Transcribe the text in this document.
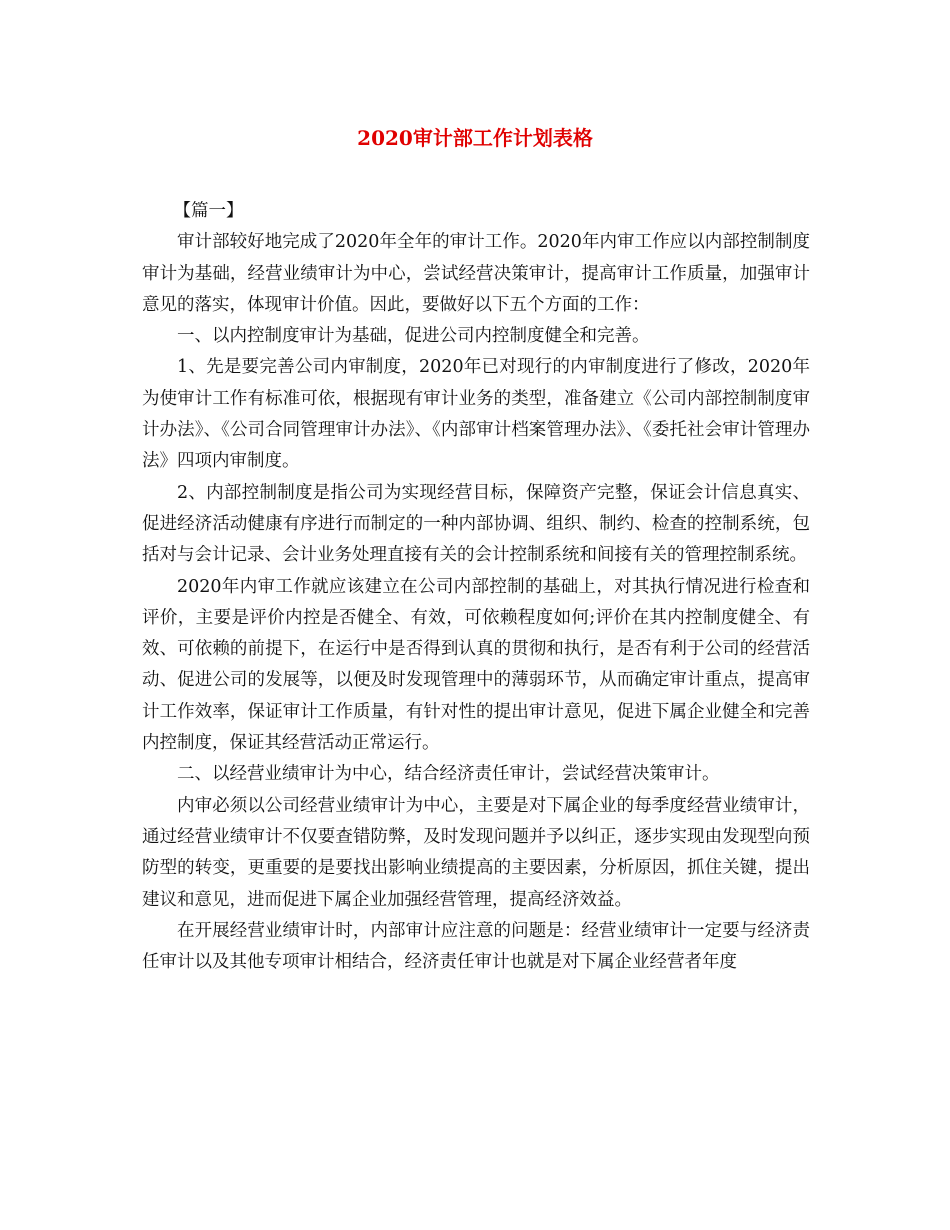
2020审计部工作计划表格

【篇一】

审计部较好地完成了2020年全年的审计工作。2020年内审工作应以内部控制制度审计为基础，经营业绩审计为中心，尝试经营决策审计，提高审计工作质量，加强审计意见的落实，体现审计价值。因此，要做好以下五个方面的工作：

一、以内控制度审计为基础，促进公司内控制度健全和完善。

1、先是要完善公司内审制度，2020年已对现行的内审制度进行了修改，2020年为使审计工作有标准可依，根据现有审计业务的类型，准备建立《公司内部控制制度审计办法》、《公司合同管理审计办法》、《内部审计档案管理办法》、《委托社会审计管理办法》四项内审制度。

2、内部控制制度是指公司为实现经营目标，保障资产完整，保证会计信息真实、促进经济活动健康有序进行而制定的一种内部协调、组织、制约、检查的控制系统，包括对与会计记录、会计业务处理直接有关的会计控制系统和间接有关的管理控制系统。

2020年内审工作就应该建立在公司内部控制的基础上，对其执行情况进行检查和评价，主要是评价内控是否健全、有效，可依赖程度如何;评价在其内控制度健全、有效、可依赖的前提下，在运行中是否得到认真的贯彻和执行，是否有利于公司的经营活动、促进公司的发展等，以便及时发现管理中的薄弱环节，从而确定审计重点，提高审计工作效率，保证审计工作质量，有针对性的提出审计意见，促进下属企业健全和完善内控制度，保证其经营活动正常运行。

二、以经营业绩审计为中心，结合经济责任审计，尝试经营决策审计。

内审必须以公司经营业绩审计为中心，主要是对下属企业的每季度经营业绩审计，通过经营业绩审计不仅要查错防弊，及时发现问题并予以纠正，逐步实现由发现型向预防型的转变，更重要的是要找出影响业绩提高的主要因素，分析原因，抓住关键，提出建议和意见，进而促进下属企业加强经营管理，提高经济效益。

在开展经营业绩审计时，内部审计应注意的问题是：经营业绩审计一定要与经济责任审计以及其他专项审计相结合，经济责任审计也就是对下属企业经营者年度
